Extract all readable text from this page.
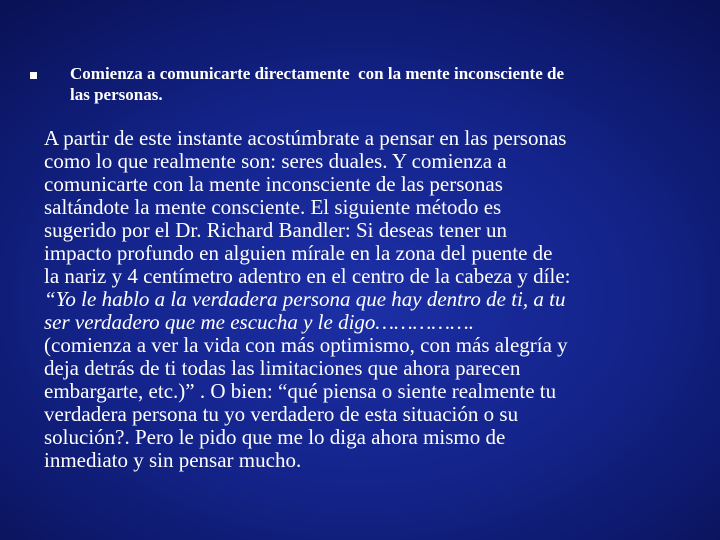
Comienza a comunicarte directamente  con la mente inconsciente de
las personas.
A partir de este instante acostúmbrate a pensar en las personas
como lo que realmente son: seres duales. Y comienza a
comunicarte con la mente inconsciente de las personas
saltándote la mente consciente. El siguiente método es
sugerido por el Dr. Richard Bandler: Si deseas tener un
impacto profundo en alguien mírale en la zona del puente de
la nariz y 4 centímetro adentro en el centro de la cabeza y díle:
“Yo le hablo a la verdadera persona que hay dentro de ti, a tu
ser verdadero que me escucha y le digo…………….
(comienza a ver la vida con más optimismo, con más alegría y
deja detrás de ti todas las limitaciones que ahora parecen
embargarte, etc.)” . O bien: “qué piensa o siente realmente tu
verdadera persona tu yo verdadero de esta situación o su
solución?. Pero le pido que me lo diga ahora mismo de
inmediato y sin pensar mucho.
